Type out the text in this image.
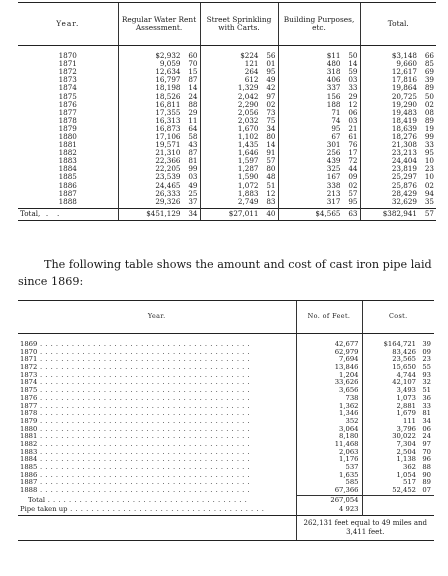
Year.	Regular Water Rent Assessment.	Street Sprinkling with Carts.	Building Purposes, etc.	Total.

1870	$2,932 60	$224 56	$11 50	$3,148 66

1871	9,059 70	121 01	480 14	9,660 85

1872	12,634 15	264 95	318 59	12,617 69

1873	16,797 87	612 49	406 03	17,816 39

1874	18,198 14	1,329 42	337 33	19,864 89

1875	18,526 24	2,042 97	156 29	20,725 50

1876	16,811 88	2,290 02	188 12	19,290 02

1877	17,355 29	2,056 73	71 06	19,483 08

1878	16,313 11	2,032 75	74 03	18,419 89

1879	16,873 64	1,670 34	95 21	18,639 19

1880	17,106 58	1,102 80	67 61	18,276 99

1881	19,571 43	1,435 14	301 76	21,308 33

1882	21,310 87	1,646 91	256 17	23,213 95

1883	22,366 81	1,597 57	439 72	24,404 10

1884	22,205 99	1,287 80	325 44	23,819 23

1885	23,539 03	1,590 48	167 09	25,297 10

1886	24,465 49	1,072 51	338 02	25,876 02

1887	26,333 25	1,883 12	213 57	28,429 94

1888	29,326 37	2,749 83	317 95	32,629 35

Total,  .   .	$451,129 34	$27,011 40	$4,565 63	$382,941 57

The following table shows the amount and cost of cast iron pipe laid since 1869:

Year.	No. of Feet.	Cost.

1869 . . . . . . . . . . . . . . . . . . . . . . . . . . . . . . . . . . . . . . . .	42,677	$164,721 39

1870 . . . . . . . . . . . . . . . . . . . . . . . . . . . . . . . . . . . . . . . .	62,979	83,426 09

1871 . . . . . . . . . . . . . . . . . . . . . . . . . . . . . . . . . . . . . . . .	7,694	23,565 23

1872 . . . . . . . . . . . . . . . . . . . . . . . . . . . . . . . . . . . . . . . .	13,846	15,650 55

1873 . . . . . . . . . . . . . . . . . . . . . . . . . . . . . . . . . . . . . . . .	1,204	4,744 93

1874 . . . . . . . . . . . . . . . . . . . . . . . . . . . . . . . . . . . . . . . .	33,626	42,107 32

1875 . . . . . . . . . . . . . . . . . . . . . . . . . . . . . . . . . . . . . . . .	3,656	3,493 51

1876 . . . . . . . . . . . . . . . . . . . . . . . . . . . . . . . . . . . . . . . .	738	1,073 36

1877 . . . . . . . . . . . . . . . . . . . . . . . . . . . . . . . . . . . . . . . .	1,362	2,881 33

1878 . . . . . . . . . . . . . . . . . . . . . . . . . . . . . . . . . . . . . . . .	1,346	1,679 81

1879 . . . . . . . . . . . . . . . . . . . . . . . . . . . . . . . . . . . . . . . .	352	111 34

1880 . . . . . . . . . . . . . . . . . . . . . . . . . . . . . . . . . . . . . . . .	3,064	3,796 06

1881 . . . . . . . . . . . . . . . . . . . . . . . . . . . . . . . . . . . . . . . .	8,180	30,022 24

1882 . . . . . . . . . . . . . . . . . . . . . . . . . . . . . . . . . . . . . . . .	11,468	7,304 97

1883 . . . . . . . . . . . . . . . . . . . . . . . . . . . . . . . . . . . . . . . .	2,063	2,504 70

1884 . . . . . . . . . . . . . . . . . . . . . . . . . . . . . . . . . . . . . . . .	1,176	1,138 96

1885 . . . . . . . . . . . . . . . . . . . . . . . . . . . . . . . . . . . . . . . .	537	362 88

1886 . . . . . . . . . . . . . . . . . . . . . . . . . . . . . . . . . . . . . . . .	1,635	1,054 90

1887 . . . . . . . . . . . . . . . . . . . . . . . . . . . . . . . . . . . . . . . .	585	517 89

1888 . . . . . . . . . . . . . . . . . . . . . . . . . . . . . . . . . . . . . . . .	67,366	52,452 07

Total . . . . . . . . . . . . . . . . . . . . . . . . . . . . . . . . . . . . . .	267,054	
Pipe taken up . . . . . . . . . . . . . . . . . . . . . . . . . . . . . . . . . . . . .	4 923	
	262,131 feet equal to 49 miles and 3,411 feet.	
